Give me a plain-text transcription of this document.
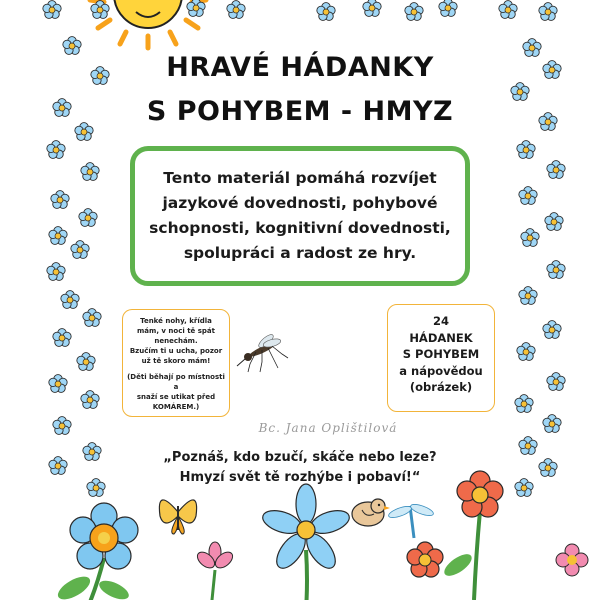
HRAVÉ HÁDANKY
S POHYBEM - HMYZ

Tento materiál pomáhá rozvíjet
jazykové dovednosti, pohybové
schopnosti, kognitivní dovednosti,
spolupráci a radost ze hry.

Tenké nohy, křídla
mám, v noci tě spát
nenechám.
Bzučím ti u ucha, pozor
už tě skoro mám!

(Děti běhají po místnosti a
snaží se utikat před
KOMÁREM.)

24
HÁDANEK
S POHYBEM
a nápovědou
(obrázek)
Bc. Jana Oplištilová

„Poznáš, kdo bzučí, skáče nebo leze?
Hmyzí svět tě rozhýbe i pobaví!“
